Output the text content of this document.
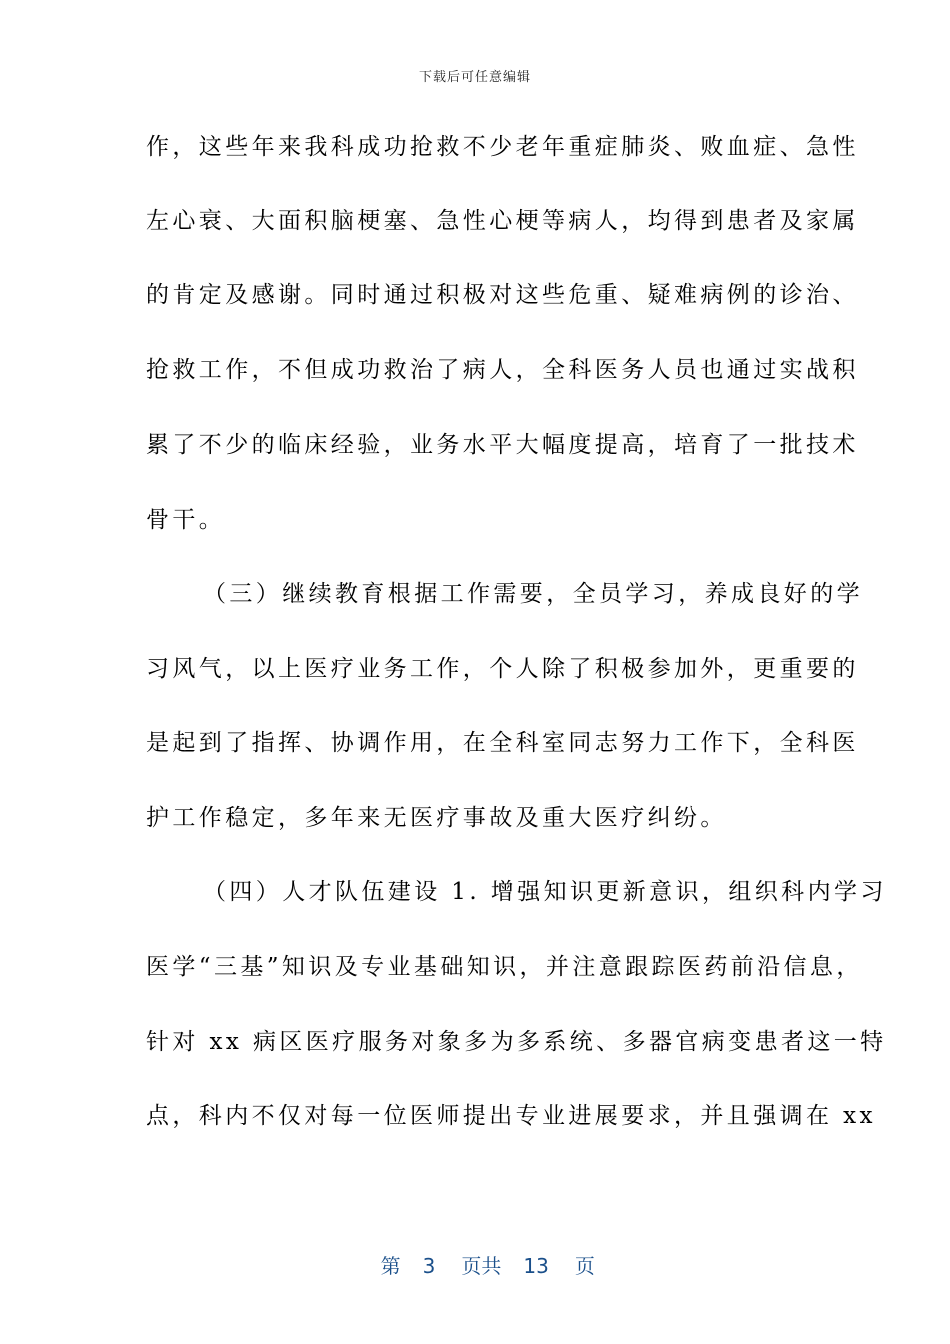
下载后可任意编辑
作，这些年来我科成功抢救不少老年重症肺炎、败血症、急性
左心衰、大面积脑梗塞、急性心梗等病人，均得到患者及家属
的肯定及感谢。同时通过积极对这些危重、疑难病例的诊治、
抢救工作，不但成功救治了病人，全科医务人员也通过实战积
累了不少的临床经验，业务水平大幅度提高，培育了一批技术
骨干。
（三）继续教育根据工作需要，全员学习，养成良好的学
习风气，以上医疗业务工作，个人除了积极参加外，更重要的
是起到了指挥、协调作用，在全科室同志努力工作下，全科医
护工作稳定，多年来无医疗事故及重大医疗纠纷。
（四）人才队伍建设 1. 增强知识更新意识，组织科内学习
医学“三基”知识及专业基础知识，并注意跟踪医药前沿信息，
针对 xx 病区医疗服务对象多为多系统、多器官病变患者这一特
点，科内不仅对每一位医师提出专业进展要求，并且强调在 xx

第 3 页共 13 页
